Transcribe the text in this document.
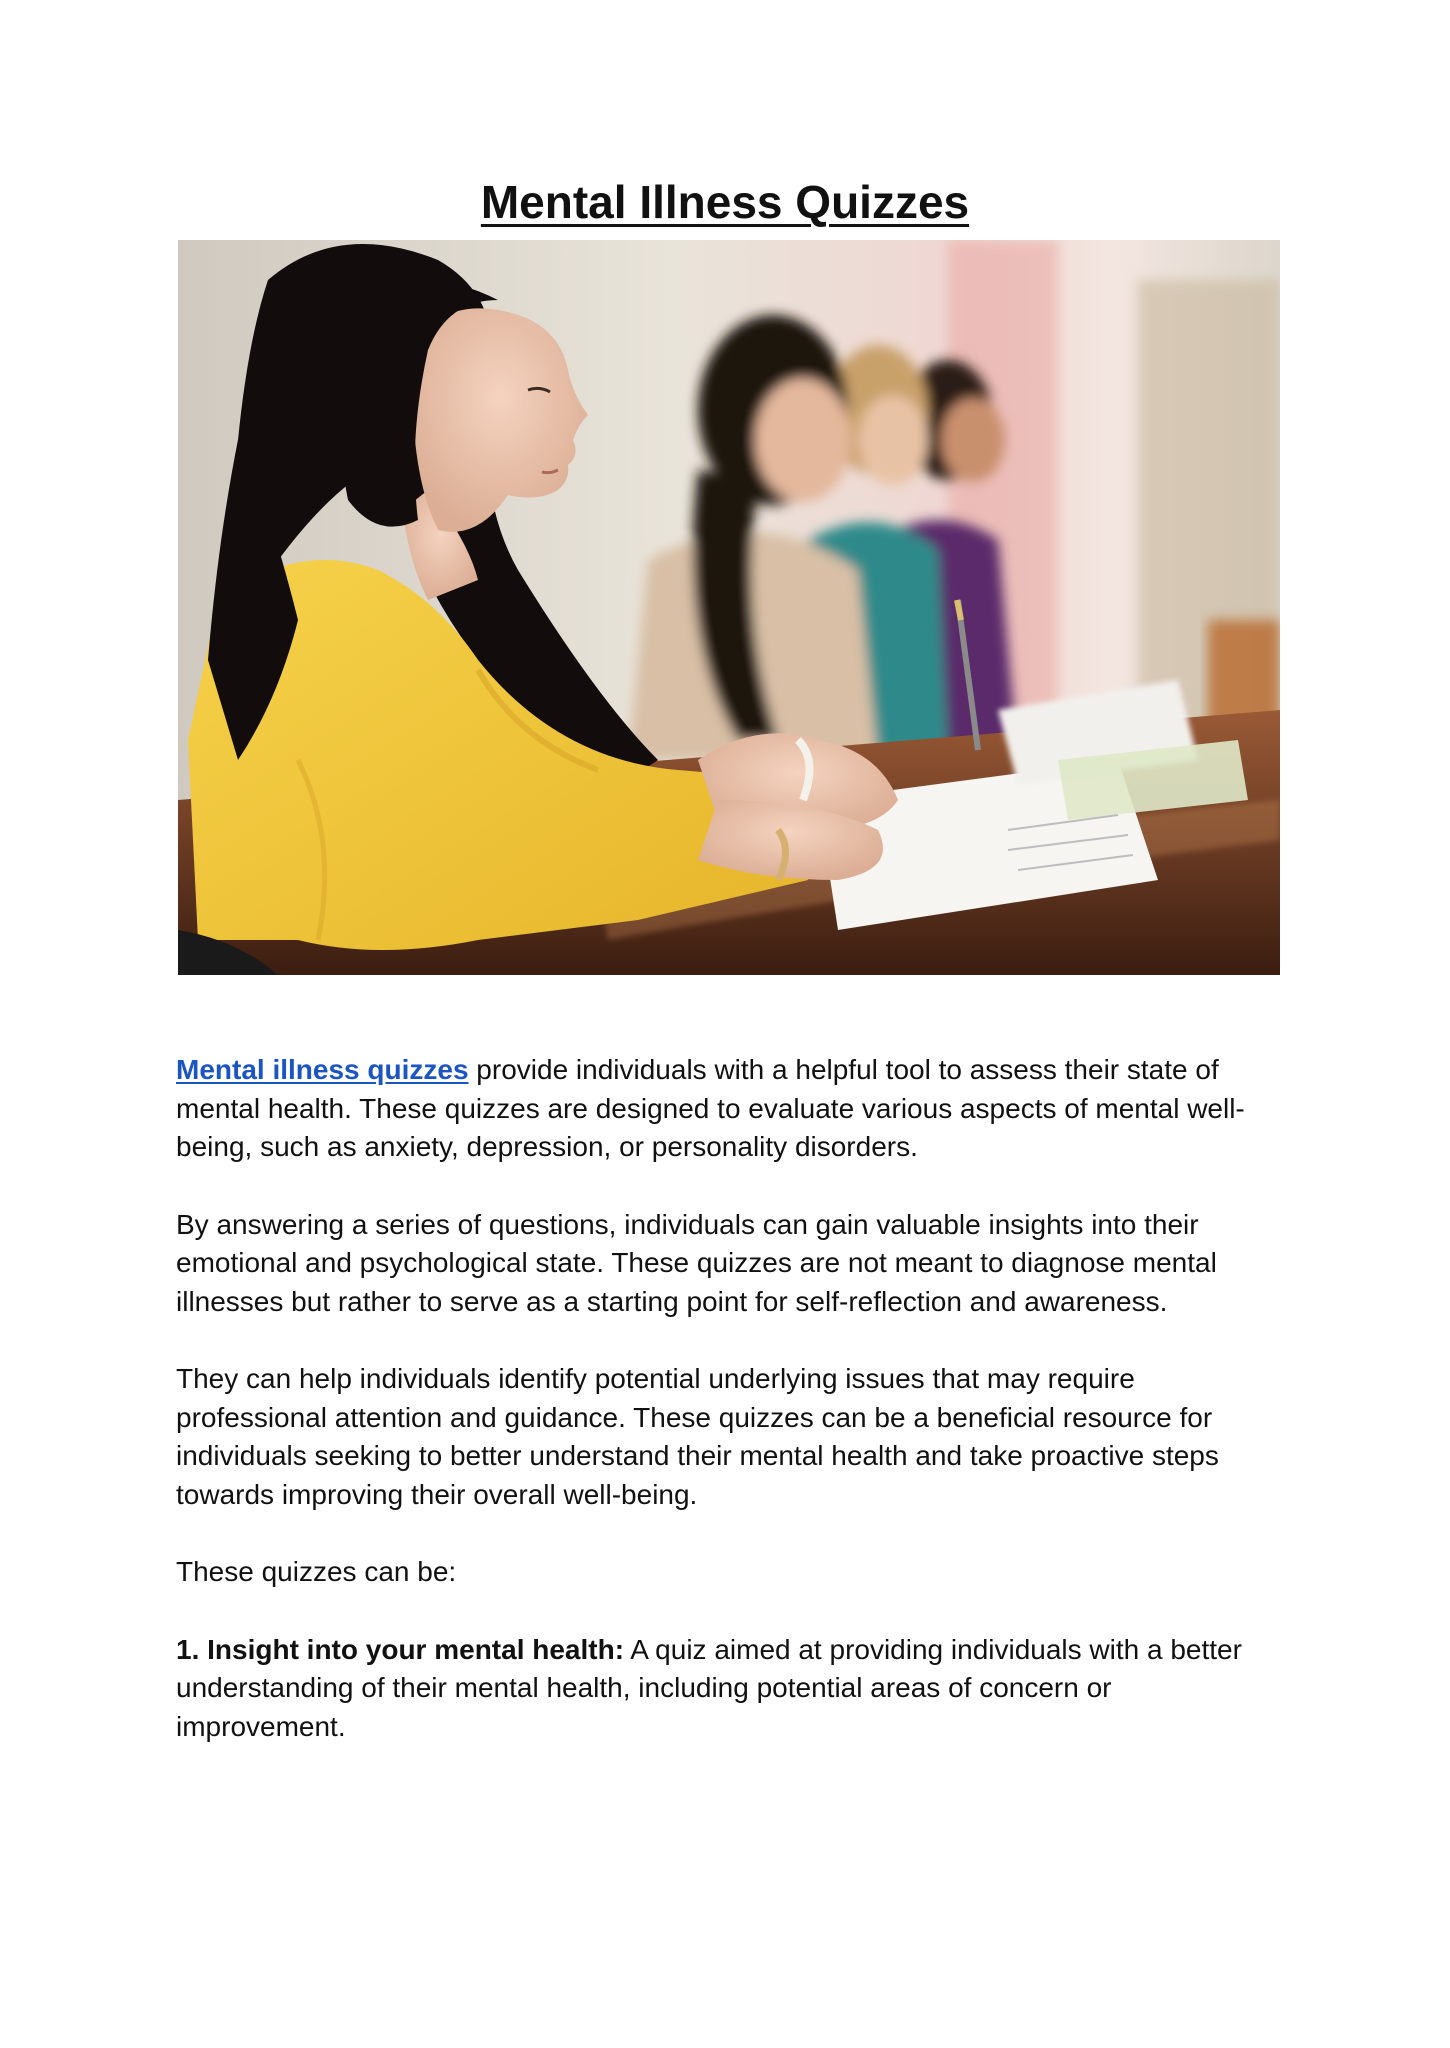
Mental Illness Quizzes

Mental illness quizzes provide individuals with a helpful tool to assess their state of mental health. These quizzes are designed to evaluate various aspects of mental well-being, such as anxiety, depression, or personality disorders.

By answering a series of questions, individuals can gain valuable insights into their emotional and psychological state. These quizzes are not meant to diagnose mental illnesses but rather to serve as a starting point for self-reflection and awareness.

They can help individuals identify potential underlying issues that may require professional attention and guidance. These quizzes can be a beneficial resource for individuals seeking to better understand their mental health and take proactive steps towards improving their overall well-being.

These quizzes can be:

1. Insight into your mental health: A quiz aimed at providing individuals with a better understanding of their mental health, including potential areas of concern or improvement.
